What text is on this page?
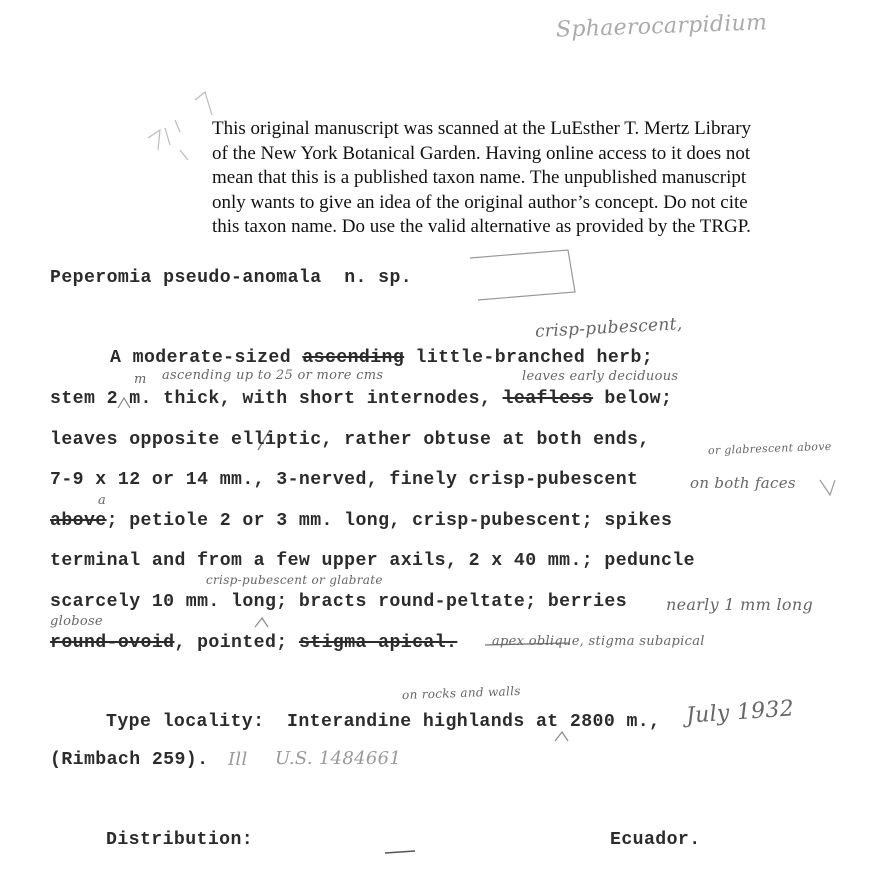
Sphaerocarpidium

This original manuscript was scanned at the LuEsther T. Mertz Library

of the New York Botanical Garden. Having online access to it does not

mean that this is a published taxon name. The unpublished manuscript

only wants to give an idea of the original author’s concept. Do not cite

this taxon name. Do use the valid alternative as provided by the TRGP.

Peperomia pseudo-anomala n. sp.
crisp-pubescent,
A moderate-sized ascending little-branched herb;
ascending up to 25 or more cms
m	leaves early deciduous
stem 2 m. thick, with short internodes, leafless below;
leaves opposite elliptic, rather obtuse at both ends,	or glabrescent above
7-9 x 12 or 14 mm., 3-nerved, finely crisp-pubescent	on both faces
a
above; petiole 2 or 3 mm. long, crisp-pubescent; spikes
terminal and from a few upper axils, 2 x 40 mm.; peduncle
crisp-pubescent or glabrate
scarcely 10 mm. long; bracts round-peltate; berries nearly 1 mm long
globose
round-ovoid, pointed; stigma apical.	apex oblique, stigma subapical
on rocks and walls
Type locality: Interandine highlands at 2800 m., July 1932
(Rimbach 259). Ill U.S. 1484661
Distribution:	Ecuador.
